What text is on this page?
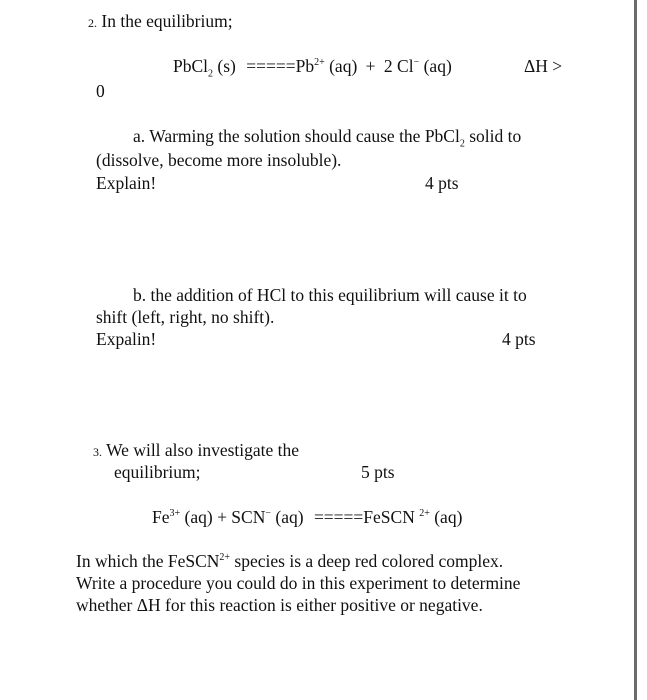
2. In the equilibrium;
PbCl$_2$ $(s) =====Pb^{2+}$ (aq) + 2 Cl− (aq)	ΔH >
0
a. Warming the solution should cause the PbCl$_2$ solid to
(dissolve, become more insoluble).
Explain!	4 pts
b. the addition of HCl to this equilibrium will cause it to
shift (left, right, no shift).
Expalin!	4 pts
3. We will also investigate the
equilibrium;	5 pts
$Fe^{3+}$ (aq) + SCN− (aq) =====FeSCN $^{2+}$ (aq)
In which the FeSCN$^{2+}$ species is a deep red colored complex.
Write a procedure you could do in this experiment to determine
whether ΔH for this reaction is either positive or negative.
